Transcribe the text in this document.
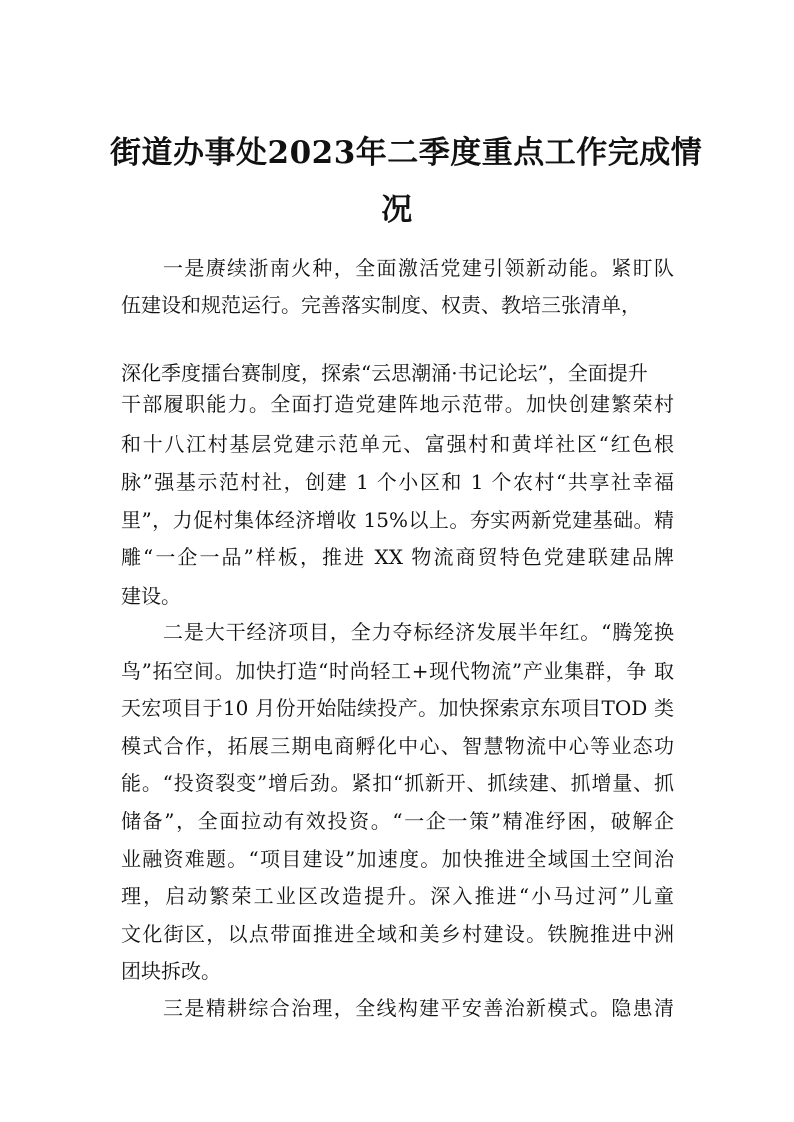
街道办事处2023年二季度重点工作完成情
况
一是赓续浙南火种，全面激活党建引领新动能。紧盯队
伍建设和规范运行。完善落实制度、权责、教培三张清单，
深化季度擂台赛制度，探索“云思潮涌·书记论坛”，全面提升
干部履职能力。全面打造党建阵地示范带。加快创建繁荣村
和十八江村基层党建示范单元、富强村和黄垟社区“红色根
脉”强基示范村社，创建 1 个小区和 1 个农村“共享社幸福
里”，力促村集体经济增收 15%以上。夯实两新党建基础。精
雕“一企一品”样板，推进 XX 物流商贸特色党建联建品牌
建设。
二是大干经济项目，全力夺标经济发展半年红。“腾笼换
鸟”拓空间。加快打造“时尚轻工+现代物流”产业集群，争 取
天宏项目于10 月份开始陆续投产。加快探索京东项目TOD 类
模式合作，拓展三期电商孵化中心、智慧物流中心等业态功
能。“投资裂变”增后劲。紧扣“抓新开、抓续建、抓增量、抓
储备”，全面拉动有效投资。“一企一策”精准纾困，破解企
业融资难题。“项目建设”加速度。加快推进全域国土空间治
理，启动繁荣工业区改造提升。深入推进“小马过河”儿童
文化街区，以点带面推进全域和美乡村建设。铁腕推进中洲
团块拆改。
三是精耕综合治理，全线构建平安善治新模式。隐患清
